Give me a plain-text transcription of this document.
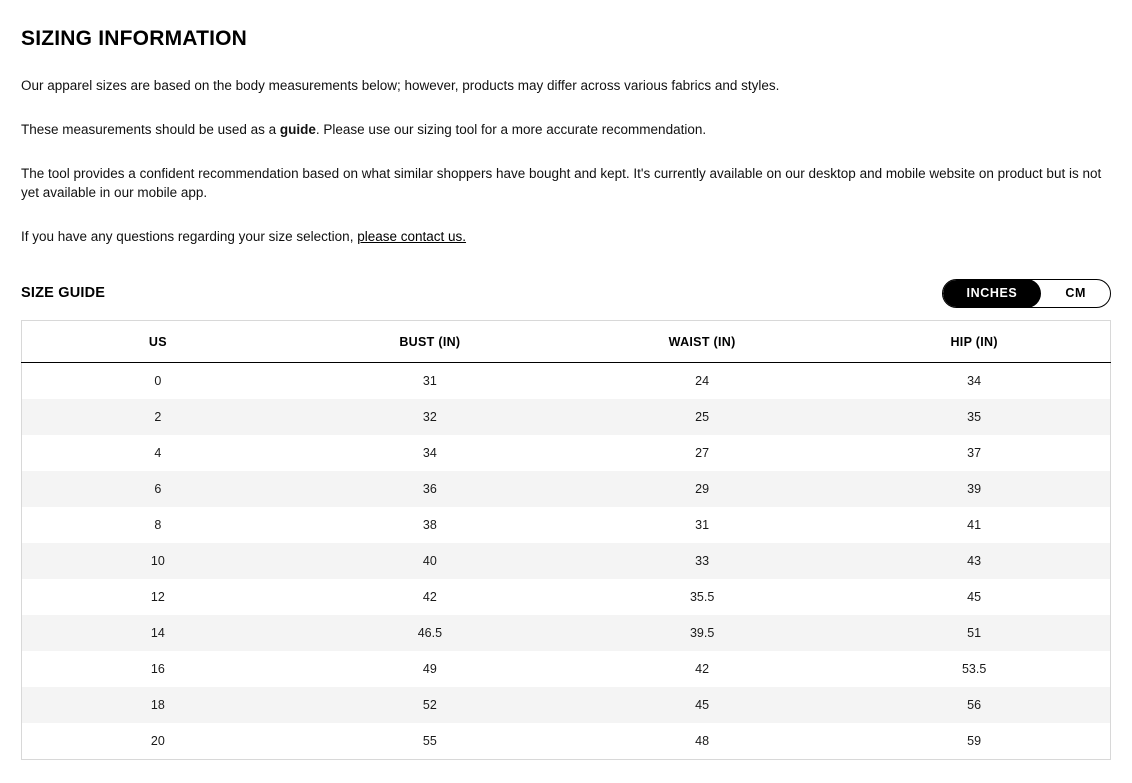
SIZING INFORMATION

Our apparel sizes are based on the body measurements below; however, products may differ across various fabrics and styles.

These measurements should be used as a guide. Please use our sizing tool for a more accurate recommendation.

The tool provides a confident recommendation based on what similar shoppers have bought and kept. It's currently available on our desktop and mobile website on product but is not yet available in our mobile app.

If you have any questions regarding your size selection, please contact us.

SIZE GUIDE	INCHES	CM
US	BUST (IN)	WAIST (IN)	HIP (IN)
0	31	24	34
2	32	25	35
4	34	27	37
6	36	29	39
8	38	31	41
10	40	33	43
12	42	35.5	45
14	46.5	39.5	51
16	49	42	53.5
18	52	45	56
20	55	48	59
